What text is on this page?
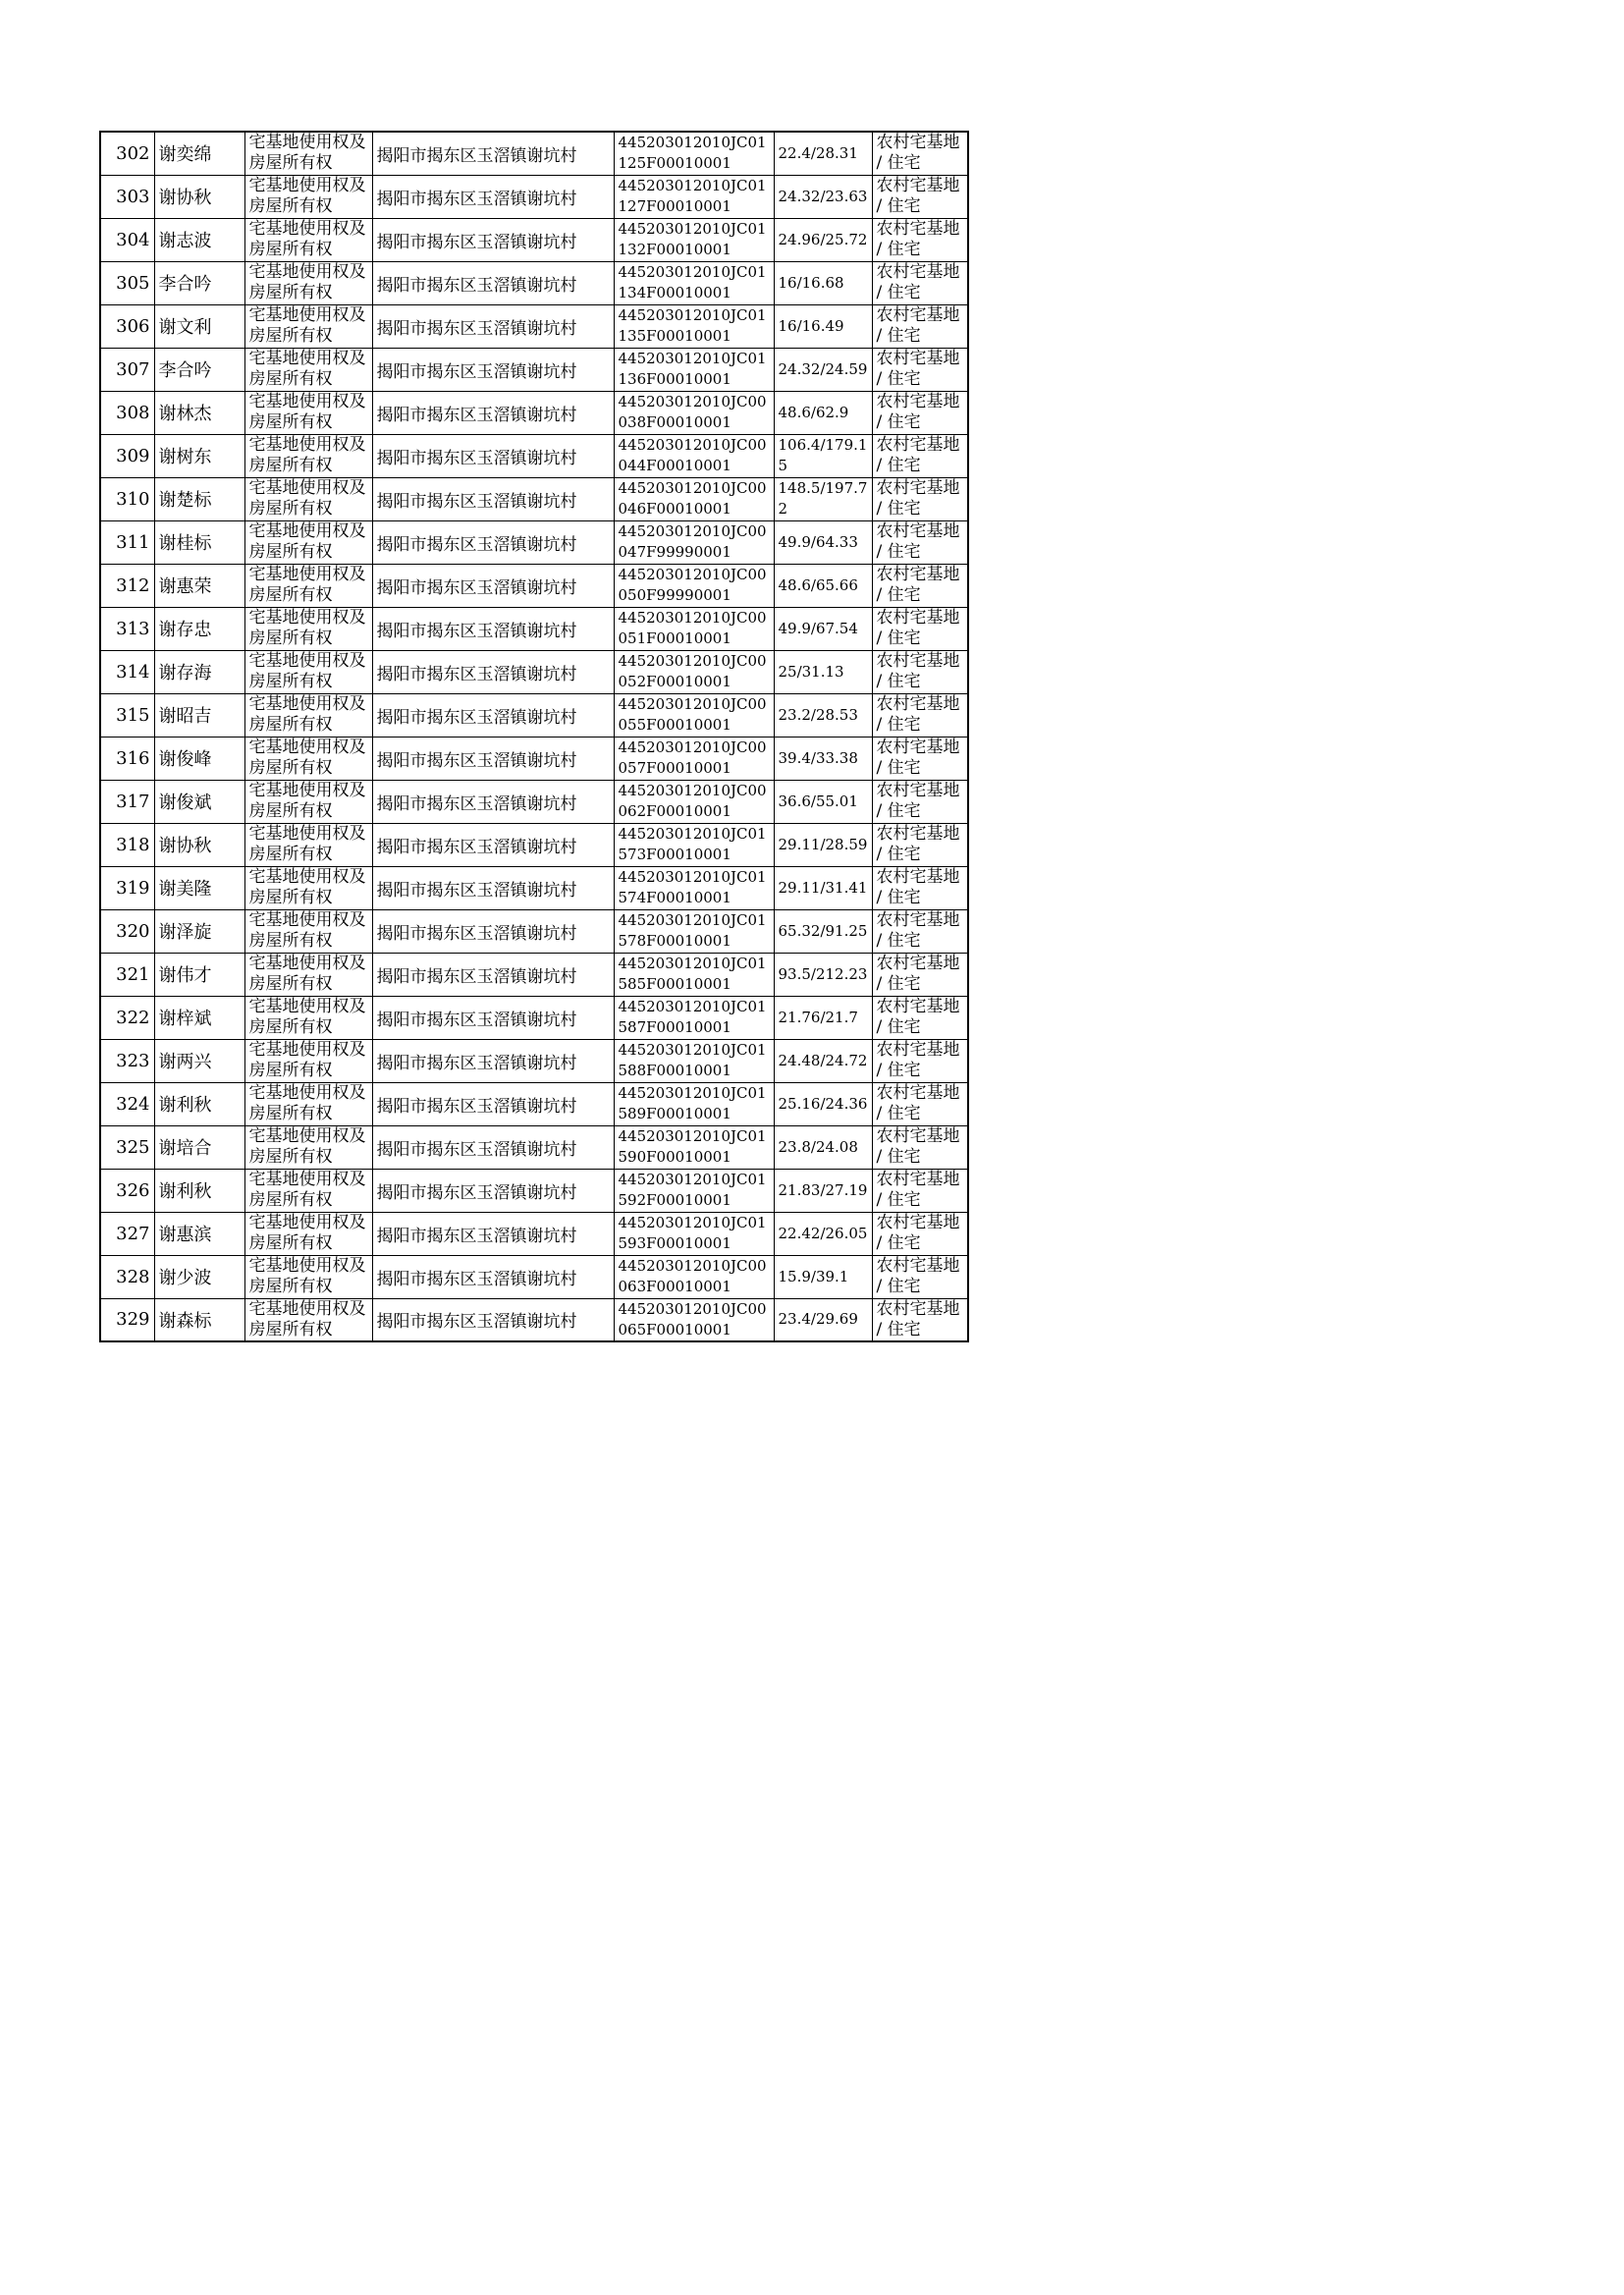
302	谢奕绵	宅基地使用权及房屋所有权	揭阳市揭东区玉滘镇谢坑村	445203012010JC01125F00010001	22.4/28.31	农村宅基地 / 住宅
303	谢协秋	宅基地使用权及房屋所有权	揭阳市揭东区玉滘镇谢坑村	445203012010JC01127F00010001	24.32/23.63	农村宅基地 / 住宅
304	谢志波	宅基地使用权及房屋所有权	揭阳市揭东区玉滘镇谢坑村	445203012010JC01132F00010001	24.96/25.72	农村宅基地 / 住宅
305	李合吟	宅基地使用权及房屋所有权	揭阳市揭东区玉滘镇谢坑村	445203012010JC01134F00010001	16/16.68	农村宅基地 / 住宅
306	谢文利	宅基地使用权及房屋所有权	揭阳市揭东区玉滘镇谢坑村	445203012010JC01135F00010001	16/16.49	农村宅基地 / 住宅
307	李合吟	宅基地使用权及房屋所有权	揭阳市揭东区玉滘镇谢坑村	445203012010JC01136F00010001	24.32/24.59	农村宅基地 / 住宅
308	谢林杰	宅基地使用权及房屋所有权	揭阳市揭东区玉滘镇谢坑村	445203012010JC00038F00010001	48.6/62.9	农村宅基地 / 住宅
309	谢树东	宅基地使用权及房屋所有权	揭阳市揭东区玉滘镇谢坑村	445203012010JC00044F00010001	106.4/179.15	农村宅基地 / 住宅
310	谢楚标	宅基地使用权及房屋所有权	揭阳市揭东区玉滘镇谢坑村	445203012010JC00046F00010001	148.5/197.72	农村宅基地 / 住宅
311	谢桂标	宅基地使用权及房屋所有权	揭阳市揭东区玉滘镇谢坑村	445203012010JC00047F99990001	49.9/64.33	农村宅基地 / 住宅
312	谢惠荣	宅基地使用权及房屋所有权	揭阳市揭东区玉滘镇谢坑村	445203012010JC00050F99990001	48.6/65.66	农村宅基地 / 住宅
313	谢存忠	宅基地使用权及房屋所有权	揭阳市揭东区玉滘镇谢坑村	445203012010JC00051F00010001	49.9/67.54	农村宅基地 / 住宅
314	谢存海	宅基地使用权及房屋所有权	揭阳市揭东区玉滘镇谢坑村	445203012010JC00052F00010001	25/31.13	农村宅基地 / 住宅
315	谢昭吉	宅基地使用权及房屋所有权	揭阳市揭东区玉滘镇谢坑村	445203012010JC00055F00010001	23.2/28.53	农村宅基地 / 住宅
316	谢俊峰	宅基地使用权及房屋所有权	揭阳市揭东区玉滘镇谢坑村	445203012010JC00057F00010001	39.4/33.38	农村宅基地 / 住宅
317	谢俊斌	宅基地使用权及房屋所有权	揭阳市揭东区玉滘镇谢坑村	445203012010JC00062F00010001	36.6/55.01	农村宅基地 / 住宅
318	谢协秋	宅基地使用权及房屋所有权	揭阳市揭东区玉滘镇谢坑村	445203012010JC01573F00010001	29.11/28.59	农村宅基地 / 住宅
319	谢美隆	宅基地使用权及房屋所有权	揭阳市揭东区玉滘镇谢坑村	445203012010JC01574F00010001	29.11/31.41	农村宅基地 / 住宅
320	谢泽旋	宅基地使用权及房屋所有权	揭阳市揭东区玉滘镇谢坑村	445203012010JC01578F00010001	65.32/91.25	农村宅基地 / 住宅
321	谢伟才	宅基地使用权及房屋所有权	揭阳市揭东区玉滘镇谢坑村	445203012010JC01585F00010001	93.5/212.23	农村宅基地 / 住宅
322	谢梓斌	宅基地使用权及房屋所有权	揭阳市揭东区玉滘镇谢坑村	445203012010JC01587F00010001	21.76/21.7	农村宅基地 / 住宅
323	谢两兴	宅基地使用权及房屋所有权	揭阳市揭东区玉滘镇谢坑村	445203012010JC01588F00010001	24.48/24.72	农村宅基地 / 住宅
324	谢利秋	宅基地使用权及房屋所有权	揭阳市揭东区玉滘镇谢坑村	445203012010JC01589F00010001	25.16/24.36	农村宅基地 / 住宅
325	谢培合	宅基地使用权及房屋所有权	揭阳市揭东区玉滘镇谢坑村	445203012010JC01590F00010001	23.8/24.08	农村宅基地 / 住宅
326	谢利秋	宅基地使用权及房屋所有权	揭阳市揭东区玉滘镇谢坑村	445203012010JC01592F00010001	21.83/27.19	农村宅基地 / 住宅
327	谢惠滨	宅基地使用权及房屋所有权	揭阳市揭东区玉滘镇谢坑村	445203012010JC01593F00010001	22.42/26.05	农村宅基地 / 住宅
328	谢少波	宅基地使用权及房屋所有权	揭阳市揭东区玉滘镇谢坑村	445203012010JC00063F00010001	15.9/39.1	农村宅基地 / 住宅
329	谢森标	宅基地使用权及房屋所有权	揭阳市揭东区玉滘镇谢坑村	445203012010JC00065F00010001	23.4/29.69	农村宅基地 / 住宅
